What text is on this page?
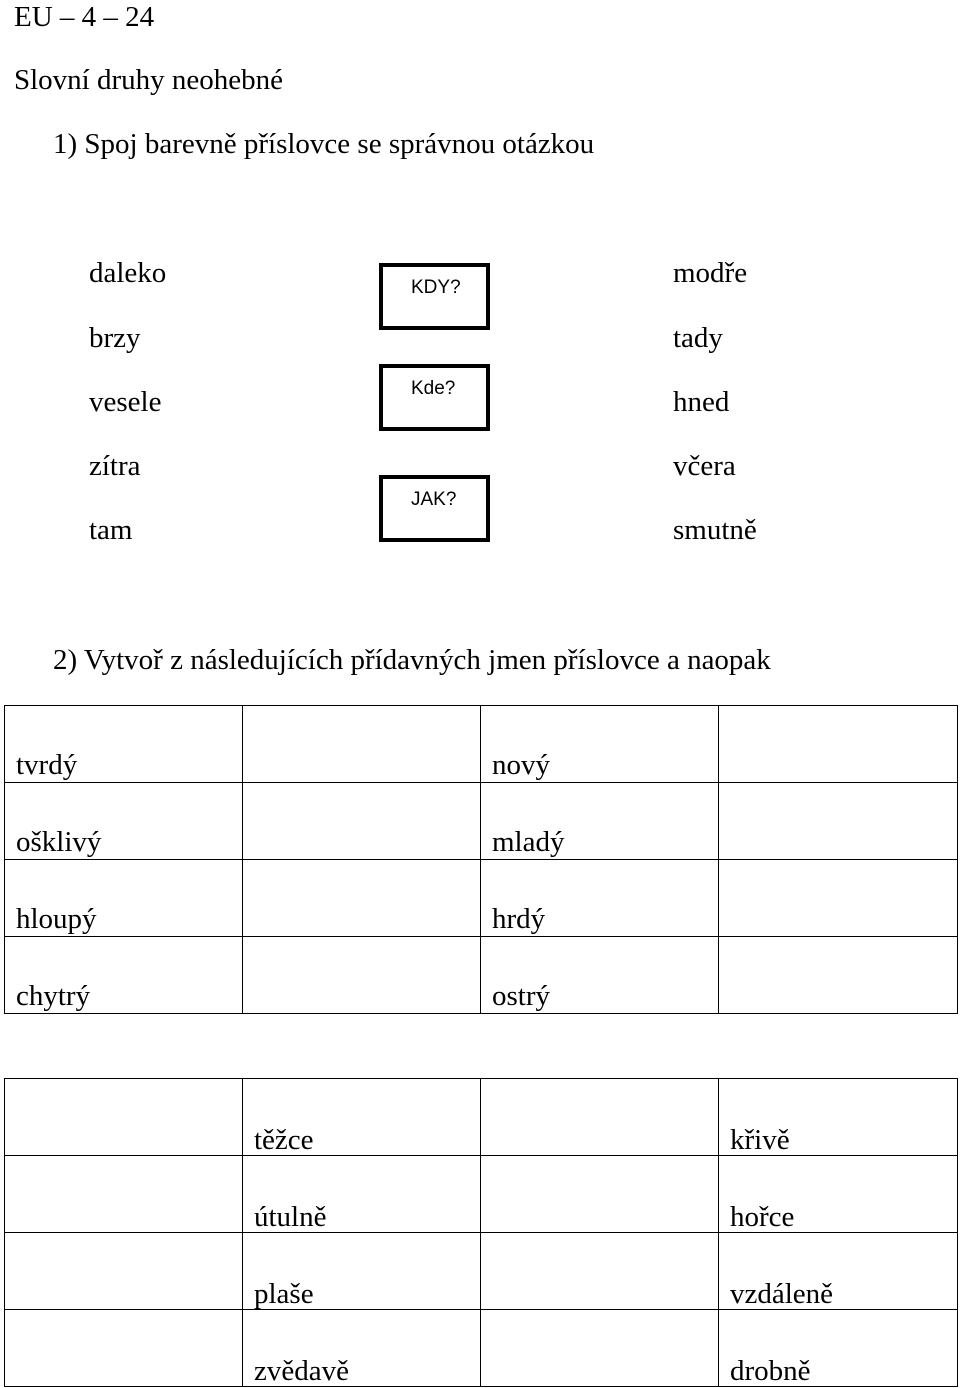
EU – 4 – 24
Slovní druhy neohebné
1) Spoj barevně příslovce se správnou otázkou
daleko
brzy
vesele
zítra
tam
KDY?
Kde?
JAK?
modře
tady
hned
včera
smutně
2) Vytvoř z následujících přídavných jmen příslovce a naopak
tvrdý		nový	

ošklivý		mladý	

hloupý		hrdý	

chytrý		ostrý	

	těžce		křivě

	útulně		hořce

	plaše		vzdáleně

	zvědavě		drobně
